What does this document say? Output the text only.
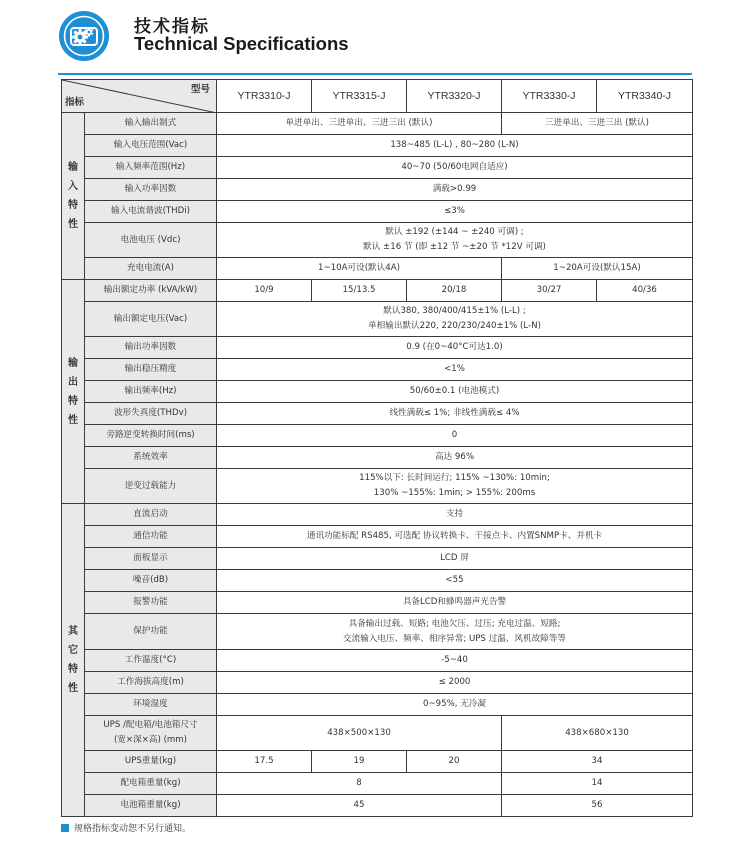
技术指标
Technical Specifications
型号
指标		YTR3310-J	YTR3315-J	YTR3320-J	YTR3330-J	YTR3340-J

输
入
特
性	输入输出制式	单进单出、三进单出、三进三出 (默认)			三进单出、三进三出 (默认)	
	输入电压范围(Vac)	138~485 (L-L) , 80~280 (L-N)				
	输入频率范围(Hz)	40~70 (50/60电网自适应)				
	输入功率因数	满载>0.99				
	输入电流谐波(THDi)	≤3%				
	电池电压 (Vdc)	默认 ±192 (±144 ~ ±240 可调) ;
默认 ±16 节 (即 ±12 节 ~±20 节 *12V 可调)				

	充电电流(A)	1~10A可设(默认4A)			1~20A可设(默认15A)	

输
出
特
性	输出额定功率 (kVA/kW)	10/9	15/13.5	20/18	30/27	40/36
	输出额定电压(Vac)	默认380, 380/400/415±1% (L-L) ;
单相输出默认220, 220/230/240±1% (L-N)				

	输出功率因数	0.9 (在0~40°C可达1.0)				
	输出稳压精度	<1%				
	输出频率(Hz)	50/60±0.1 (电池模式)				
	波形失真度(THDv)	线性满载≤ 1%; 非线性满载≤ 4%				
	旁路逆变转换时间(ms)	0				
	系统效率	高达 96%				
	逆变过载能力	115%以下: 长时间运行; 115% ~130%: 10min;
130% ~155%: 1min; > 155%: 200ms				

其
它
特
性	直流启动	支持				
	通信功能	通讯功能标配 RS485, 可选配 协议转换卡、干接点卡、内置SNMP卡、并机卡				
	面板显示	LCD 屏				
	噪音(dB)	<55				
	报警功能	具备LCD和蜂鸣器声光告警				
	保护功能	具备输出过载、短路; 电池欠压、过压; 充电过温、短路;
交流输入电压、频率、相序异常; UPS 过温、风机故障等等				

	工作温度(°C)	-5~40				
	工作海拔高度(m)	≤ 2000				
	环境湿度	0~95%, 无冷凝				

	UPS /配电箱/电池箱尺寸
(宽×深×高) (mm)	438×500×130			438×680×130	
	UPS重量(kg)	17.5	19	20	34	
	配电箱重量(kg)	8			14	
	电池箱重量(kg)	45			56	
规格指标变动恕不另行通知。
